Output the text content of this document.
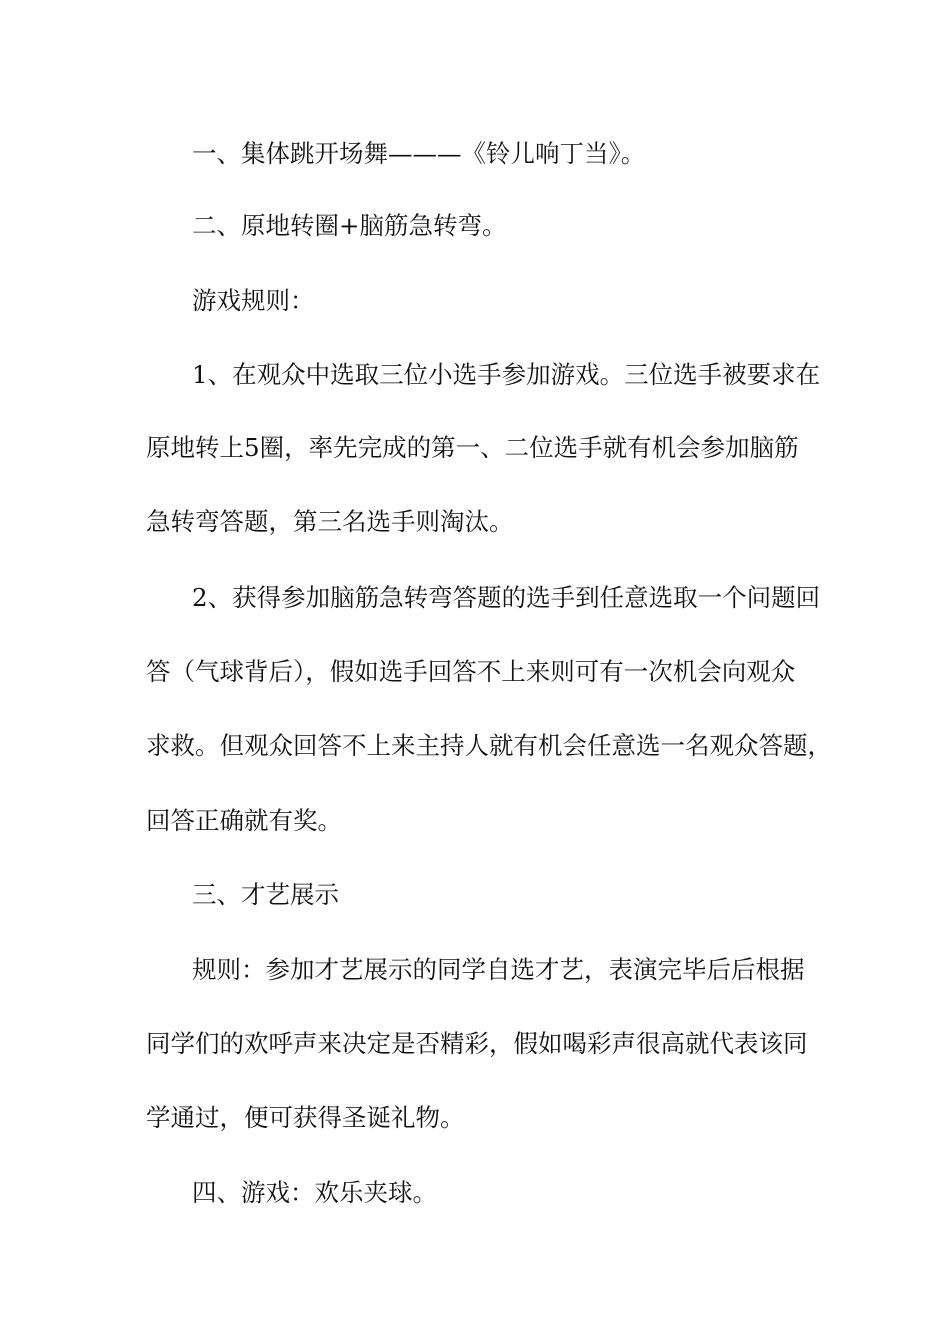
一、集体跳开场舞———《铃儿响丁当》。
二、原地转圈+脑筋急转弯。
游戏规则：
1、在观众中选取三位小选手参加游戏。三位选手被要求在
原地转上5圈，率先完成的第一、二位选手就有机会参加脑筋
急转弯答题，第三名选手则淘汰。
2、获得参加脑筋急转弯答题的选手到任意选取一个问题回
答（气球背后），假如选手回答不上来则可有一次机会向观众
求救。但观众回答不上来主持人就有机会任意选一名观众答题，
回答正确就有奖。
三、才艺展示
规则：参加才艺展示的同学自选才艺，表演完毕后后根据
同学们的欢呼声来决定是否精彩，假如喝彩声很高就代表该同
学通过，便可获得圣诞礼物。
四、游戏：欢乐夹球。
